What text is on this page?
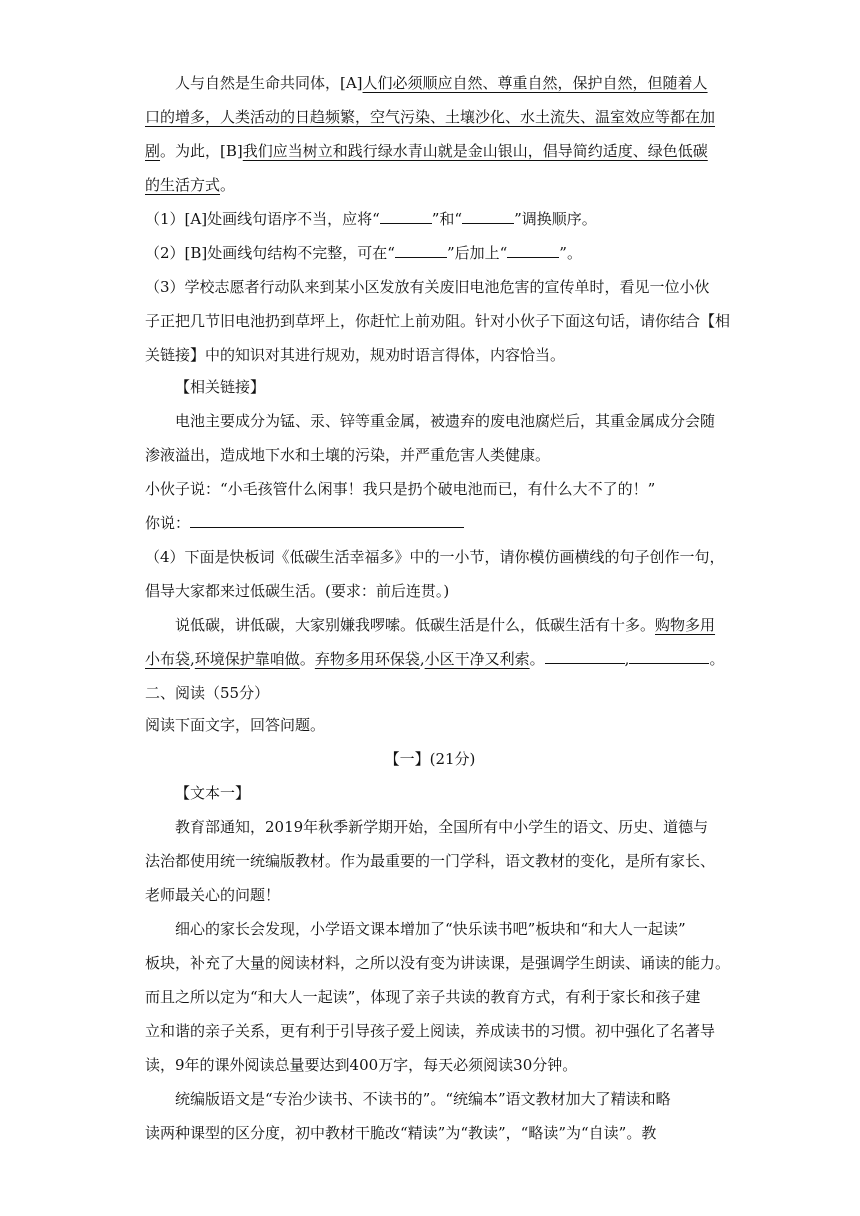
人与自然是生命共同体，[A]人们必须顺应自然、尊重自然，保护自然，但随着人
口的增多，人类活动的日趋频繁，空气污染、土壤沙化、水土流失、温室效应等都在加
剧。为此，[B]我们应当树立和践行绿水青山就是金山银山，倡导简约适度、绿色低碳
的生活方式。
（1）[A]处画线句语序不当，应将“	”和“	”调换顺序。
（2）[B]处画线句结构不完整，可在“	”后加上“	”。
（3）学校志愿者行动队来到某小区发放有关废旧电池危害的宣传单时，看见一位小伙
子正把几节旧电池扔到草坪上，你赶忙上前劝阻。针对小伙子下面这句话，请你结合【相
关链接】中的知识对其进行规劝，规劝时语言得体，内容恰当。
【相关链接】
电池主要成分为锰、汞、锌等重金属，被遗弃的废电池腐烂后，其重金属成分会随
渗液溢出，造成地下水和土壤的污染，并严重危害人类健康。
小伙子说：“小毛孩管什么闲事！我只是扔个破电池而已，有什么大不了的！”
你说：
（4）下面是快板词《低碳生活幸福多》中的一小节，请你模仿画横线的句子创作一句，
倡导大家都来过低碳生活。(要求：前后连贯。)
说低碳，讲低碳，大家别嫌我啰嗦。低碳生活是什么，低碳生活有十多。购物多用
小布袋,环境保护靠咱做。弃物多用环保袋,小区干净又利索。	,	。
二、阅读（55分）
阅读下面文字，回答问题。
【一】(21分)
【文本一】
教育部通知，2019年秋季新学期开始，全国所有中小学生的语文、历史、道德与
法治都使用统一统编版教材。作为最重要的一门学科，语文教材的变化，是所有家长、
老师最关心的问题！
细心的家长会发现，小学语文课本增加了“快乐读书吧”板块和“和大人一起读”
板块，补充了大量的阅读材料，之所以没有变为讲读课，是强调学生朗读、诵读的能力。
而且之所以定为“和大人一起读”，体现了亲子共读的教育方式，有利于家长和孩子建
立和谐的亲子关系，更有利于引导孩子爱上阅读，养成读书的习惯。初中强化了名著导
读，9年的课外阅读总量要达到400万字，每天必须阅读30分钟。
统编版语文是“专治少读书、不读书的”。“统编本”语文教材加大了精读和略
读两种课型的区分度，初中教材干脆改“精读”为“教读”，“略读”为“自读”。教
